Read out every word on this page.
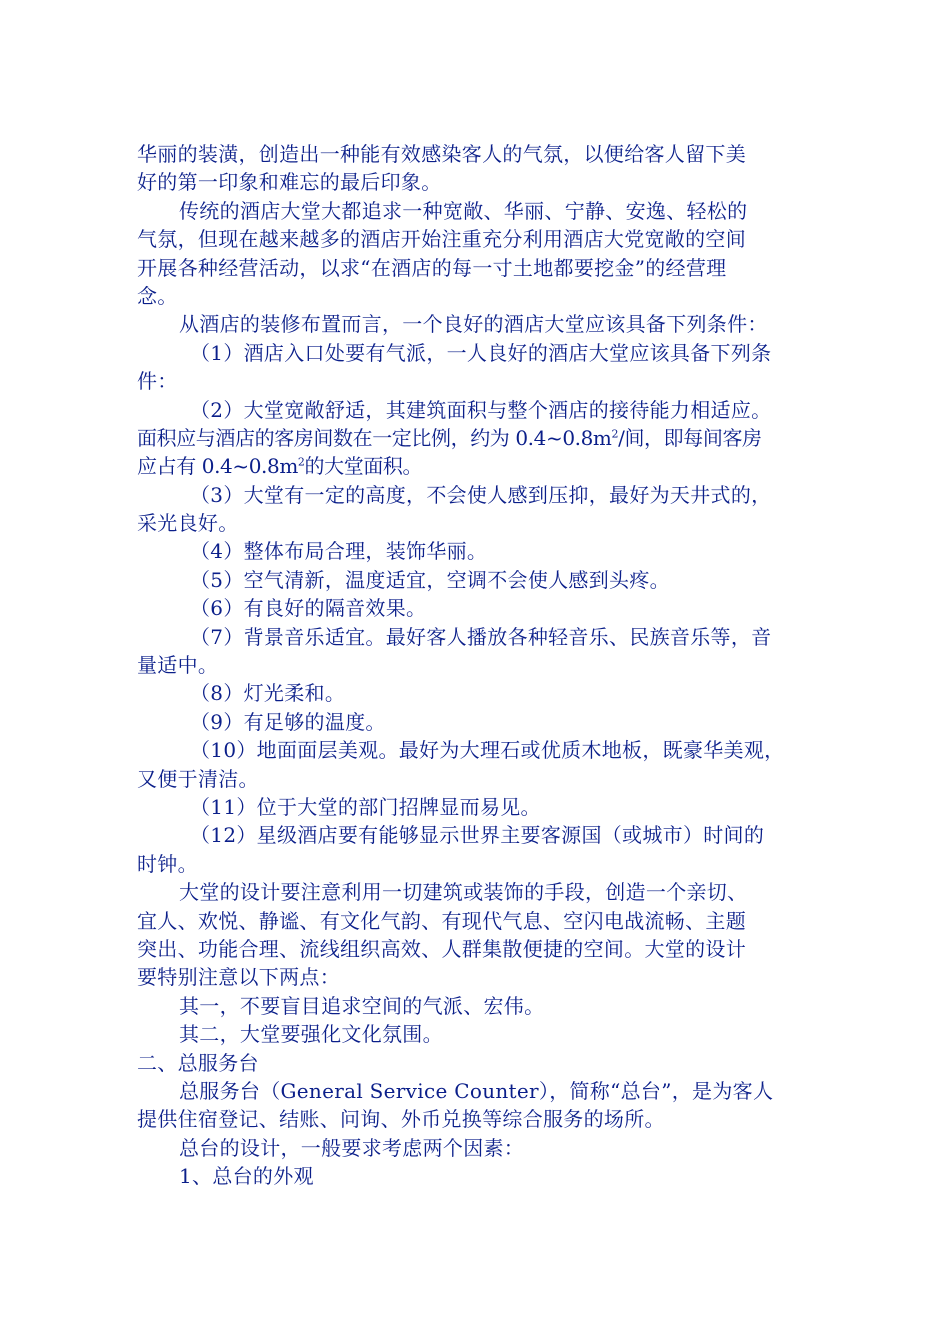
华丽的装潢，创造出一种能有效感染客人的气氛，以便给客人留下美
好的第一印象和难忘的最后印象。
传统的酒店大堂大都追求一种宽敞、华丽、宁静、安逸、轻松的
气氛，但现在越来越多的酒店开始注重充分利用酒店大党宽敞的空间
开展各种经营活动，以求“在酒店的每一寸土地都要挖金”的经营理
念。
从酒店的装修布置而言，一个良好的酒店大堂应该具备下列条件：
（1）酒店入口处要有气派，一人良好的酒店大堂应该具备下列条
件：
（2）大堂宽敞舒适，其建筑面积与整个酒店的接待能力相适应。
面积应与酒店的客房间数在一定比例，约为 $0.4\sim 0.8m^2/$间，即每间客房
应占有 $0.4\sim 0.8m^2$的大堂面积。
（3）大堂有一定的高度，不会使人感到压抑，最好为天井式的，
采光良好。
（4）整体布局合理，装饰华丽。
（5）空气清新，温度适宜，空调不会使人感到头疼。
（6）有良好的隔音效果。
（7）背景音乐适宜。最好客人播放各种轻音乐、民族音乐等，音
量适中。
（8）灯光柔和。
（9）有足够的温度。
（10）地面面层美观。最好为大理石或优质木地板，既豪华美观，
又便于清洁。
（11）位于大堂的部门招牌显而易见。
（12）星级酒店要有能够显示世界主要客源国（或城市）时间的
时钟。
大堂的设计要注意利用一切建筑或装饰的手段，创造一个亲切、
宜人、欢悦、静谧、有文化气韵、有现代气息、空闪电战流畅、主题
突出、功能合理、流线组织高效、人群集散便捷的空间。大堂的设计
要特别注意以下两点：
其一，不要盲目追求空间的气派、宏伟。
其二，大堂要强化文化氛围。
二、总服务台
总服务台（General Service Counter），简称“总台”，是为客人
提供住宿登记、结账、问询、外币兑换等综合服务的场所。
总台的设计，一般要求考虑两个因素：
1、总台的外观
